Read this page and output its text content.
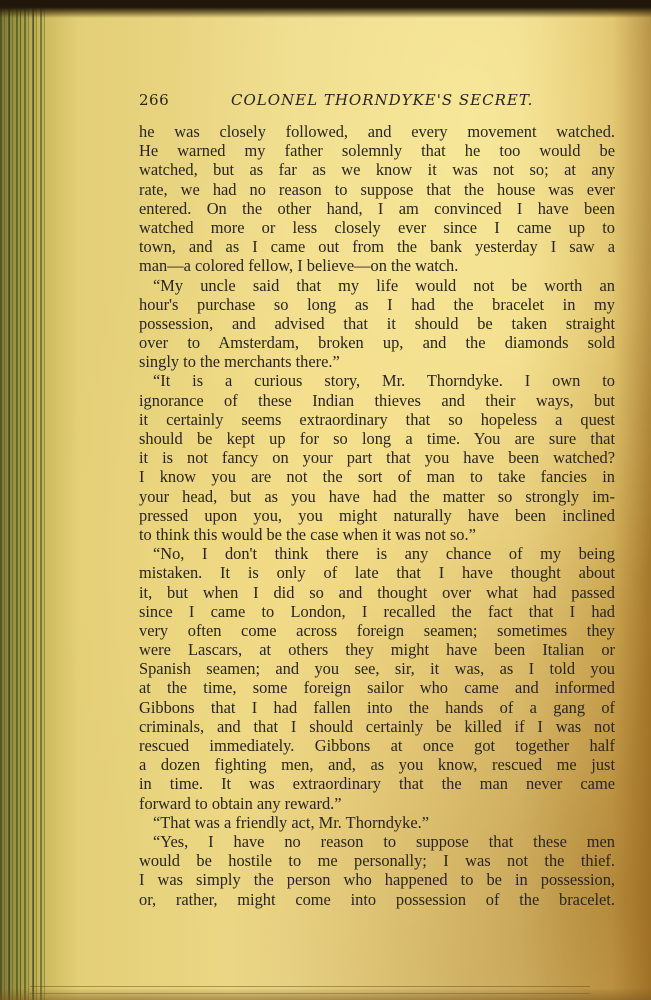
266	COLONEL THORNDYKE'S SECRET.
he was closely followed, and every movement watched.
He warned my father solemnly that he too would be
watched, but as far as we know it was not so; at any
rate, we had no reason to suppose that the house was ever
entered. On the other hand, I am convinced I have been
watched more or less closely ever since I came up to
town, and as I came out from the bank yesterday I saw a
man—a colored fellow, I believe—on the watch.
“My uncle said that my life would not be worth an
hour's purchase so long as I had the bracelet in my
possession, and advised that it should be taken straight
over to Amsterdam, broken up, and the diamonds sold
singly to the merchants there.”
“It is a curious story, Mr. Thorndyke. I own to
ignorance of these Indian thieves and their ways, but
it certainly seems extraordinary that so hopeless a quest
should be kept up for so long a time. You are sure that
it is not fancy on your part that you have been watched?
I know you are not the sort of man to take fancies in
your head, but as you have had the matter so strongly im-
pressed upon you, you might naturally have been inclined
to think this would be the case when it was not so.”
“No, I don't think there is any chance of my being
mistaken. It is only of late that I have thought about
it, but when I did so and thought over what had passed
since I came to London, I recalled the fact that I had
very often come across foreign seamen; sometimes they
were Lascars, at others they might have been Italian or
Spanish seamen; and you see, sir, it was, as I told you
at the time, some foreign sailor who came and informed
Gibbons that I had fallen into the hands of a gang of
criminals, and that I should certainly be killed if I was not
rescued immediately. Gibbons at once got together half
a dozen fighting men, and, as you know, rescued me just
in time. It was extraordinary that the man never came
forward to obtain any reward.”
“That was a friendly act, Mr. Thorndyke.”
“Yes, I have no reason to suppose that these men
would be hostile to me personally; I was not the thief.
I was simply the person who happened to be in possession,
or, rather, might come into possession of the bracelet.
